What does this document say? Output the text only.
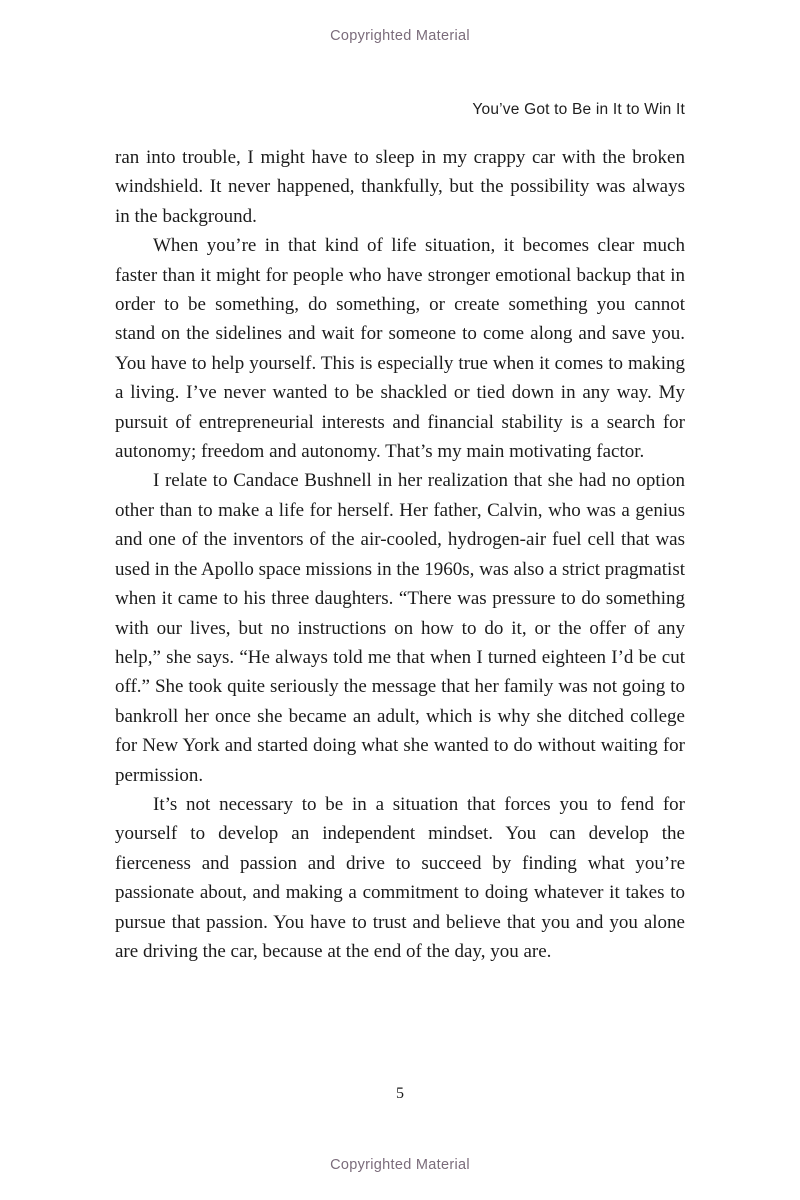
Copyrighted Material
You’ve Got to Be in It to Win It

ran into trouble, I might have to sleep in my crappy car with the broken windshield. It never happened, thankfully, but the possibility was always in the background.

When you’re in that kind of life situation, it becomes clear much faster than it might for people who have stronger emotional backup that in order to be something, do something, or create something you cannot stand on the sidelines and wait for someone to come along and save you. You have to help yourself. This is especially true when it comes to making a living. I’ve never wanted to be shackled or tied down in any way. My pursuit of entrepreneurial interests and financial stability is a search for autonomy; freedom and autonomy. That’s my main motivating factor.

I relate to Candace Bushnell in her realization that she had no option other than to make a life for herself. Her father, Calvin, who was a genius and one of the inventors of the air-cooled, hydrogen-air fuel cell that was used in the Apollo space missions in the 1960s, was also a strict pragmatist when it came to his three daughters. “There was pressure to do something with our lives, but no instructions on how to do it, or the offer of any help,” she says. “He always told me that when I turned eighteen I’d be cut off.” She took quite seriously the message that her family was not going to bankroll her once she became an adult, which is why she ditched college for New York and started doing what she wanted to do without waiting for permission.

It’s not necessary to be in a situation that forces you to fend for yourself to develop an independent mindset. You can develop the fierceness and passion and drive to succeed by finding what you’re passionate about, and making a commitment to doing whatever it takes to pursue that passion. You have to trust and believe that you and you alone are driving the car, because at the end of the day, you are.

5
Copyrighted Material
